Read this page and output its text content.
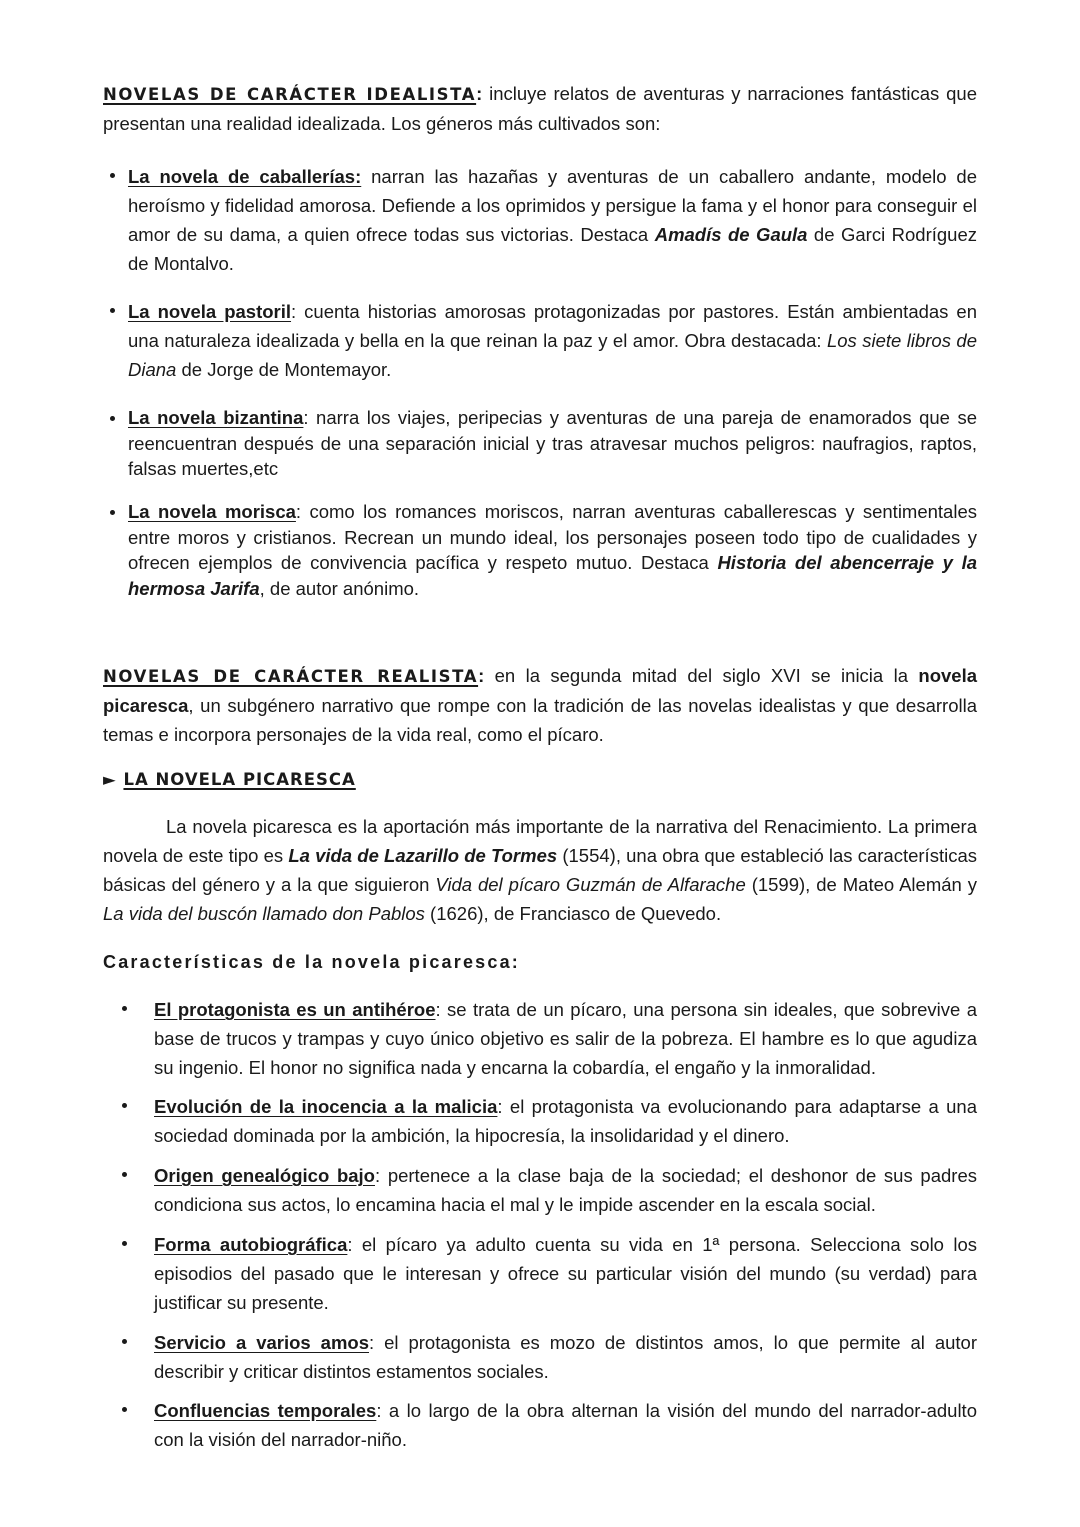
NOVELAS DE CARÁCTER IDEALISTA: incluye relatos de aventuras y narraciones fantásticas que presentan una realidad idealizada. Los géneros más cultivados son:

La novela de caballerías: narran las hazañas y aventuras de un caballero andante, modelo de heroísmo y fidelidad amorosa. Defiende a los oprimidos y persigue la fama y el honor para conseguir el amor de su dama, a quien ofrece todas sus victorias. Destaca Amadís de Gaula de Garci Rodríguez de Montalvo.

La novela pastoril: cuenta historias amorosas protagonizadas por pastores. Están ambientadas en una naturaleza idealizada y bella en la que reinan la paz y el amor. Obra destacada: Los siete libros de Diana de Jorge de Montemayor.

La novela bizantina: narra los viajes, peripecias y aventuras de una pareja de enamorados que se reencuentran después de una separación inicial y tras atravesar muchos peligros: naufragios, raptos, falsas muertes,etc

La novela morisca: como los romances moriscos, narran aventuras caballerescas y sentimentales entre moros y cristianos. Recrean un mundo ideal, los personajes poseen todo tipo de cualidades y ofrecen ejemplos de convivencia pacífica y respeto mutuo. Destaca Historia del abencerraje y la hermosa Jarifa, de autor anónimo.

NOVELAS DE CARÁCTER REALISTA: en la segunda mitad del siglo XVI se inicia la novela picaresca, un subgénero narrativo que rompe con la tradición de las novelas idealistas y que desarrolla temas e incorpora personajes de la vida real, como el pícaro.

► LA NOVELA PICARESCA

La novela picaresca es la aportación más importante de la narrativa del Renacimiento. La primera novela de este tipo es La vida de Lazarillo de Tormes (1554), una obra que estableció las características básicas del género y a la que siguieron Vida del pícaro Guzmán de Alfarache (1599), de Mateo Alemán y La vida del buscón llamado don Pablos (1626), de Franciasco de Quevedo.

Características de la novela picaresca:

El protagonista es un antihéroe: se trata de un pícaro, una persona sin ideales, que sobrevive a base de trucos y trampas y cuyo único objetivo es salir de la pobreza. El hambre es lo que agudiza su ingenio. El honor no significa nada y encarna la cobardía, el engaño y la inmoralidad.

Evolución de la inocencia a la malicia: el protagonista va evolucionando para adaptarse a una sociedad dominada por la ambición, la hipocresía, la insolidaridad y el dinero.

Origen genealógico bajo: pertenece a la clase baja de la sociedad; el deshonor de sus padres condiciona sus actos, lo encamina hacia el mal y le impide ascender en la escala social.

Forma autobiográfica: el pícaro ya adulto cuenta su vida en 1ª persona. Selecciona solo los episodios del pasado que le interesan y ofrece su particular visión del mundo (su verdad) para justificar su presente.

Servicio a varios amos: el protagonista es mozo de distintos amos, lo que permite al autor describir y criticar distintos estamentos sociales.

Confluencias temporales: a lo largo de la obra alternan la visión del mundo del narrador-adulto con la visión del narrador-niño.
